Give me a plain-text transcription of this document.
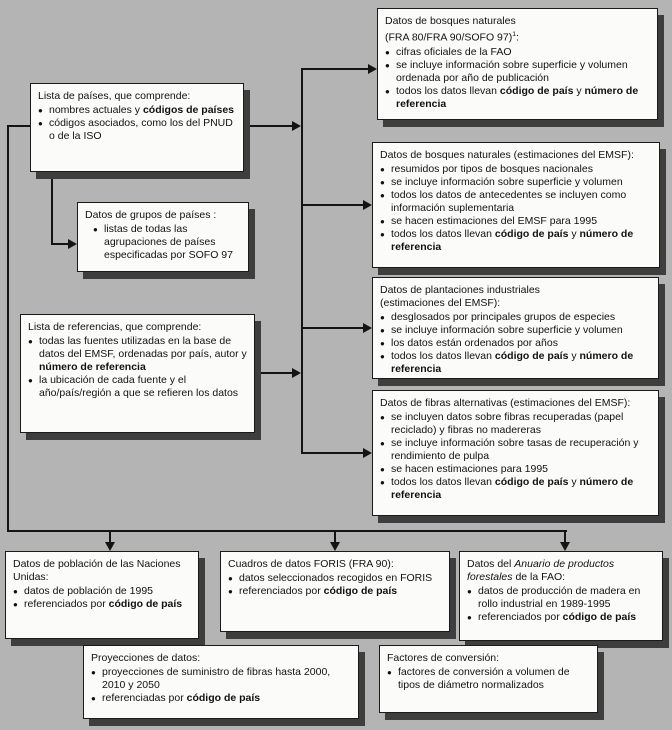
Lista de países, que comprende:
● nombres actuales y códigos de países
● códigos asociados, como los del PNUD o de la ISO
Datos de grupos de países :
● listas de todas las agrupaciones de países especificadas por SOFO 97
Lista de referencias, que comprende:
● todas las fuentes utilizadas en la base de datos del EMSF, ordenadas por país, autor y número de referencia
● la ubicación de cada fuente y el año/país/región a que se refieren los datos
Datos de bosques naturales
(FRA 80/FRA 90/SOFO 97)$^1$:
● cifras oficiales de la FAO
● se incluye información sobre superficie y volumen ordenada por año de publicación
● todos los datos llevan código de país y número de referencia
Datos de bosques naturales (estimaciones del EMSF):
● resumidos por tipos de bosques nacionales
● se incluye información sobre superficie y volumen
● todos los datos de antecedentes se incluyen como información suplementaria
● se hacen estimaciones del EMSF para 1995
● todos los datos llevan código de país y número de referencia
Datos de plantaciones industriales
(estimaciones del EMSF):
● desglosados por principales grupos de especies
● se incluye información sobre superficie y volumen
● los datos están ordenados por años
● todos los datos llevan código de país y número de referencia
Datos de fibras alternativas (estimaciones del EMSF):
● se incluyen datos sobre fibras recuperadas (papel reciclado) y fibras no madereras
● se incluye información sobre tasas de recuperación y rendimiento de pulpa
● se hacen estimaciones para 1995
● todos los datos llevan código de país y número de referencia
Datos de población de las Naciones Unidas:
● datos de población de 1995
● referenciados por código de país
Cuadros de datos FORIS (FRA 90):
● datos seleccionados recogidos en FORIS
● referenciados por código de país
Datos del Anuario de productos forestales de la FAO:
● datos de producción de madera en rollo industrial en 1989-1995
● referenciados por código de país
Proyecciones de datos:
● proyecciones de suministro de fibras hasta 2000, 2010 y 2050
● referenciadas por código de país
Factores de conversión:
● factores de conversión a volumen de tipos de diámetro normalizados
